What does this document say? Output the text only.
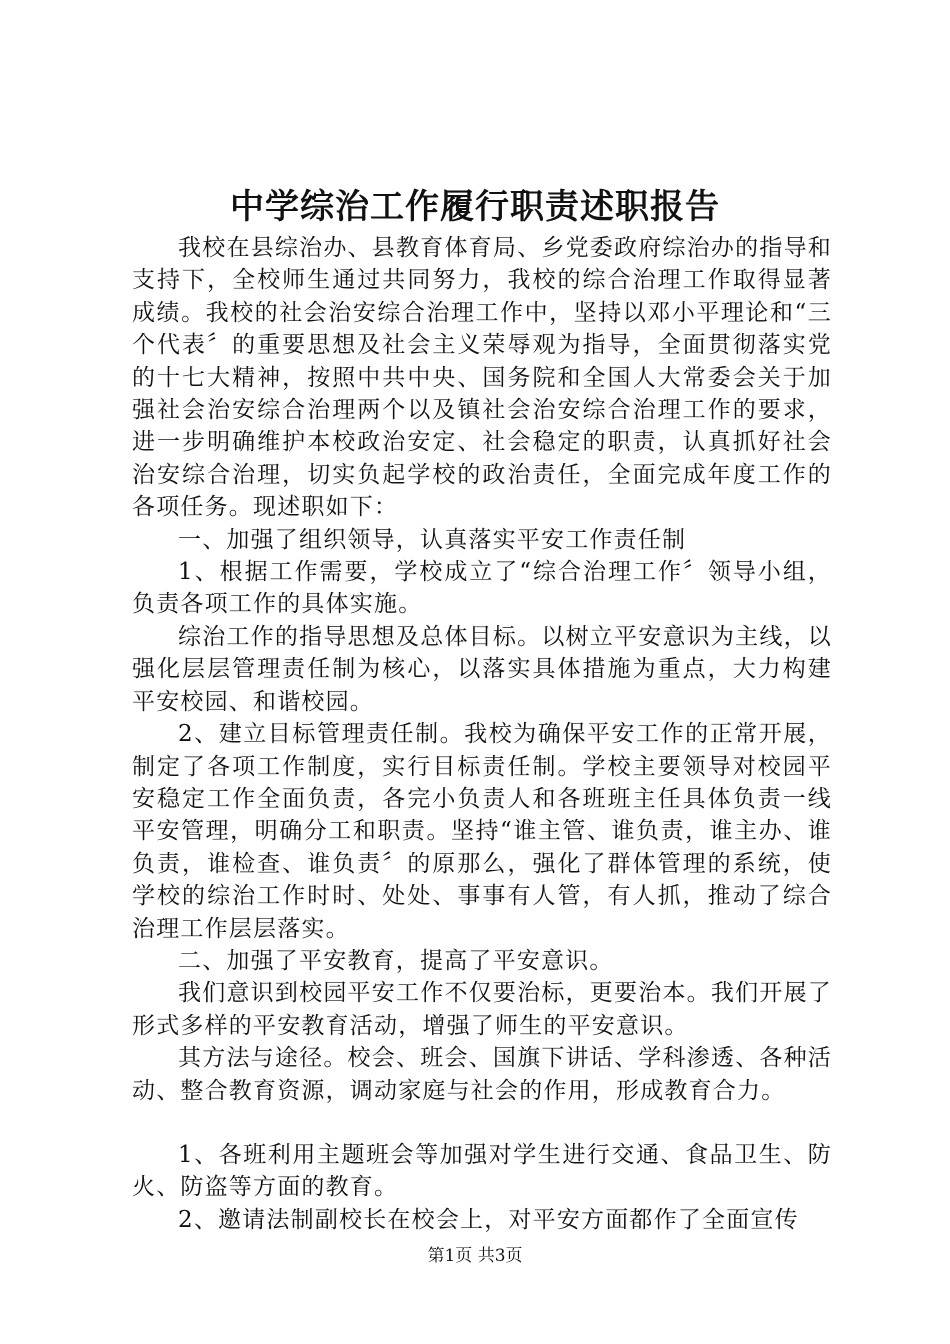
中学综治工作履行职责述职报告

我校在县综治办、县教育体育局、乡党委政府综治办的指导和支持下，全校师生通过共同努力，我校的综合治理工作取得显著成绩。我校的社会治安综合治理工作中，坚持以邓小平理论和“三个代表〞的重要思想及社会主义荣辱观为指导，全面贯彻落实党的十七大精神，按照中共中央、国务院和全国人大常委会关于加强社会治安综合治理两个以及镇社会治安综合治理工作的要求，进一步明确维护本校政治安定、社会稳定的职责，认真抓好社会治安综合治理，切实负起学校的政治责任，全面完成年度工作的各项任务。现述职如下：

一、加强了组织领导，认真落实平安工作责任制

1、根据工作需要，学校成立了“综合治理工作〞领导小组，负责各项工作的具体实施。

综治工作的指导思想及总体目标。以树立平安意识为主线，以强化层层管理责任制为核心，以落实具体措施为重点，大力构建平安校园、和谐校园。

2、建立目标管理责任制。我校为确保平安工作的正常开展，制定了各项工作制度，实行目标责任制。学校主要领导对校园平安稳定工作全面负责，各完小负责人和各班班主任具体负责一线平安管理，明确分工和职责。坚持“谁主管、谁负责，谁主办、谁负责，谁检查、谁负责〞的原那么，强化了群体管理的系统，使学校的综治工作时时、处处、事事有人管，有人抓，推动了综合治理工作层层落实。

二、加强了平安教育，提高了平安意识。

我们意识到校园平安工作不仅要治标，更要治本。我们开展了形式多样的平安教育活动，增强了师生的平安意识。

其方法与途径。校会、班会、国旗下讲话、学科渗透、各种活动、整合教育资源，调动家庭与社会的作用，形成教育合力。

1、各班利用主题班会等加强对学生进行交通、食品卫生、防火、防盗等方面的教育。

2、邀请法制副校长在校会上，对平安方面都作了全面宣传

第1页 共3页
